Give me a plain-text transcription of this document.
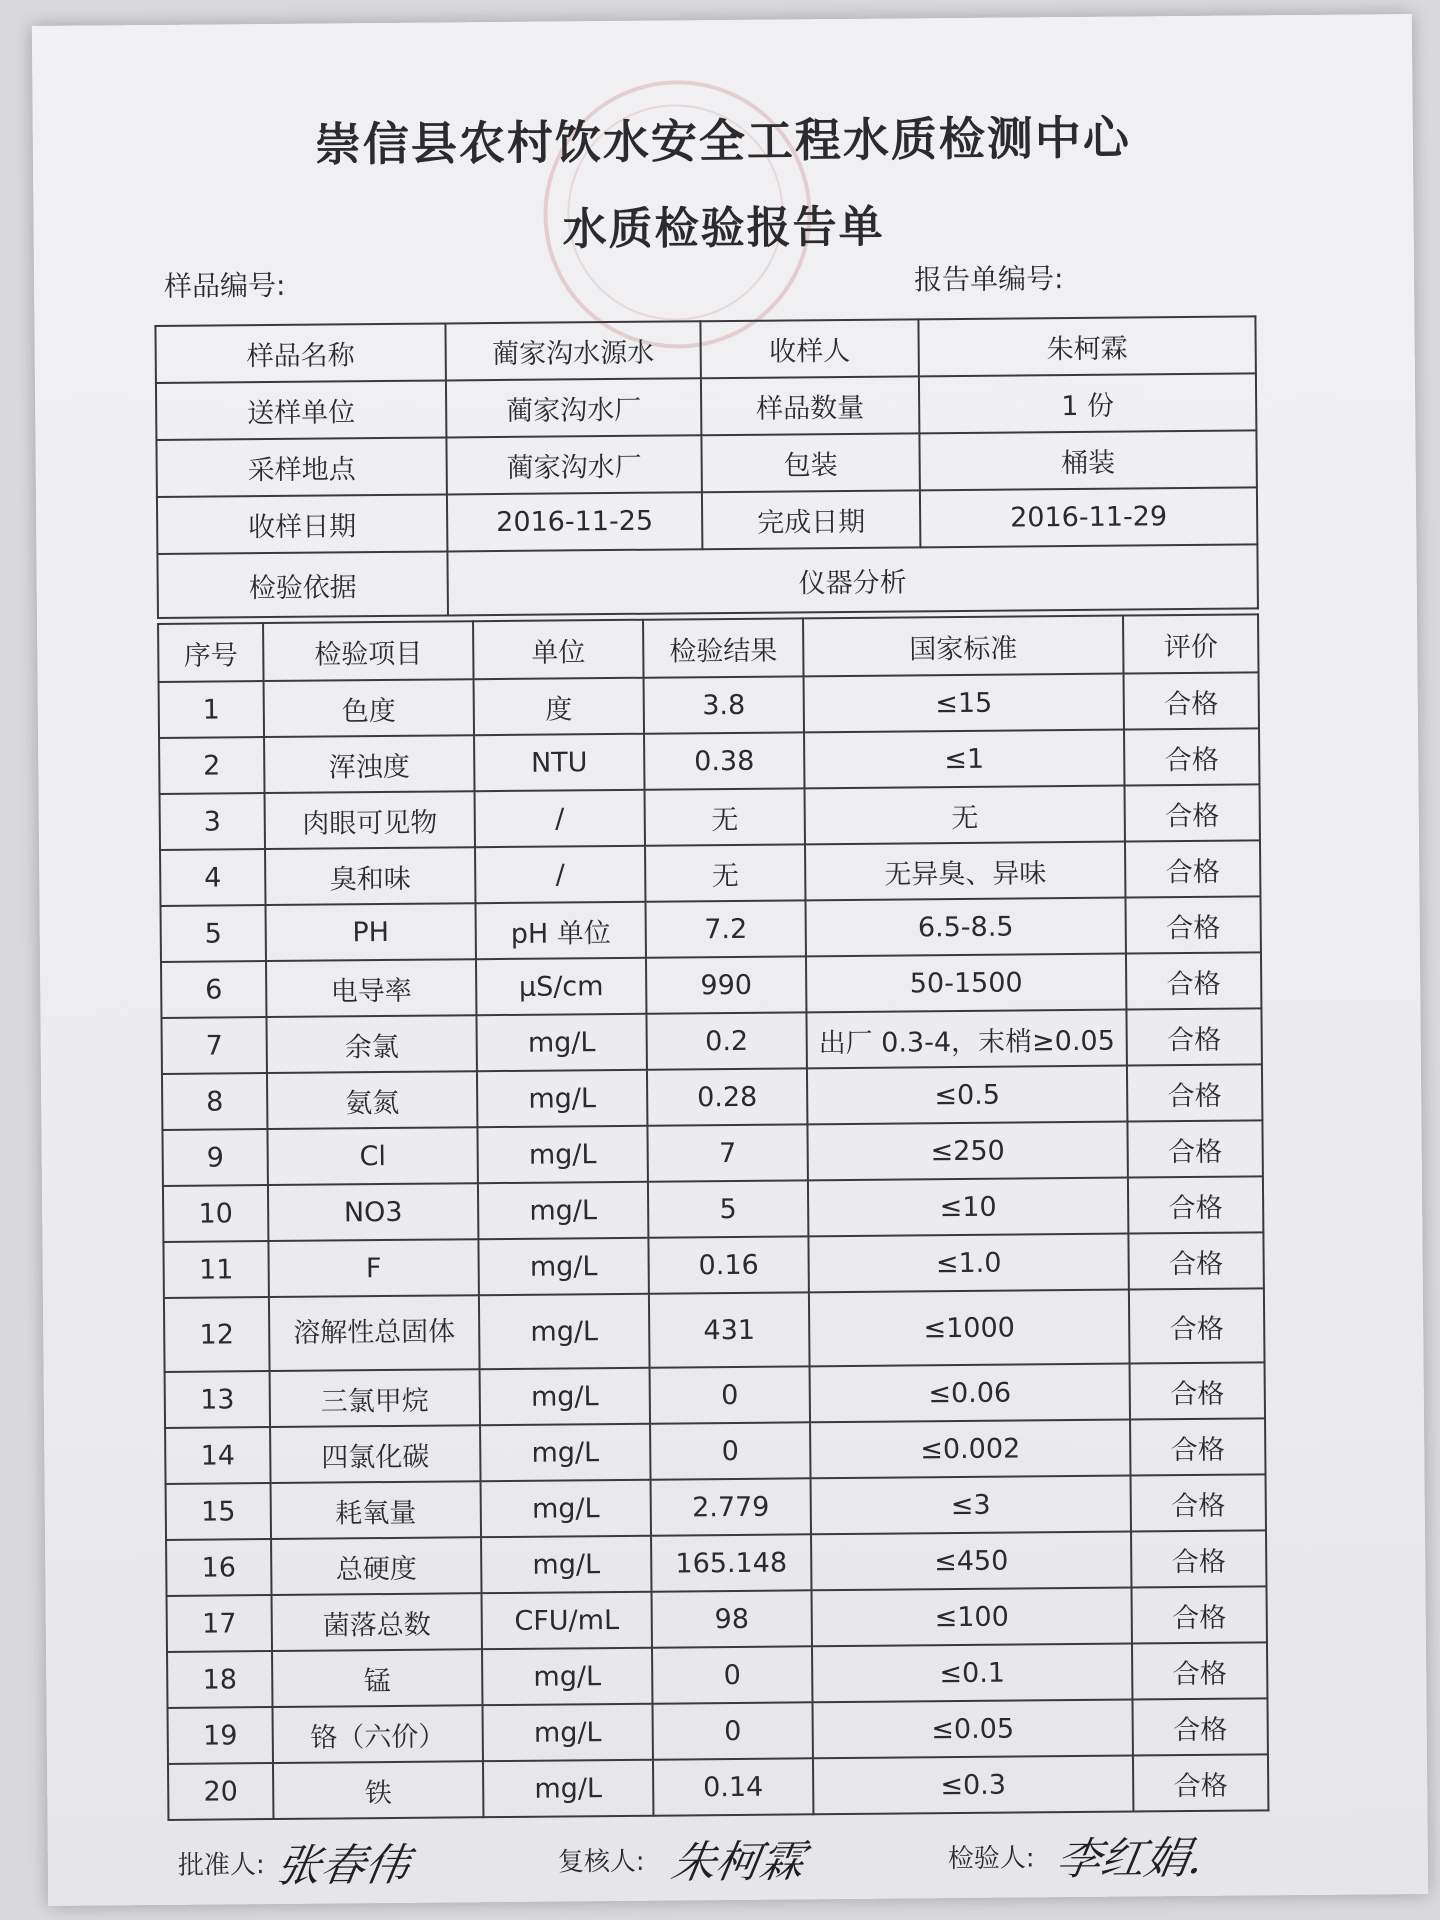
崇信县农村饮水安全工程水质检测中心
水质检验报告单
样品编号:	报告单编号:
样品名称	蔺家沟水源水	收样人	朱柯霖
送样单位	蔺家沟水厂	样品数量	1 份
采样地点	蔺家沟水厂	包装	桶装
收样日期	2016-11-25	完成日期	2016-11-29
检验依据	仪器分析		
序号	检验项目	单位	检验结果	国家标准	评价
1	色度	度	3.8	≤15	合格
2	浑浊度	NTU	0.38	≤1	合格
3	肉眼可见物	/	无	无	合格
4	臭和味	/	无	无异臭、异味	合格
5	PH	pH 单位	7.2	6.5-8.5	合格
6	电导率	μS/cm	990	50-1500	合格
7	余氯	mg/L	0.2	出厂 0.3-4，末梢≥0.05	合格
8	氨氮	mg/L	0.28	≤0.5	合格
9	Cl	mg/L	7	≤250	合格
10	NO3	mg/L	5	≤10	合格
11	F	mg/L	0.16	≤1.0	合格
12	溶解性总固体	mg/L	431	≤1000	合格
13	三氯甲烷	mg/L	0	≤0.06	合格
14	四氯化碳	mg/L	0	≤0.002	合格
15	耗氧量	mg/L	2.779	≤3	合格
16	总硬度	mg/L	165.148	≤450	合格
17	菌落总数	CFU/mL	98	≤100	合格
18	锰	mg/L	0	≤0.1	合格
19	铬（六价）	mg/L	0	≤0.05	合格
20	铁	mg/L	0.14	≤0.3	合格
批准人: 张春伟	复核人: 朱柯霖	检验人: 李红娟.
